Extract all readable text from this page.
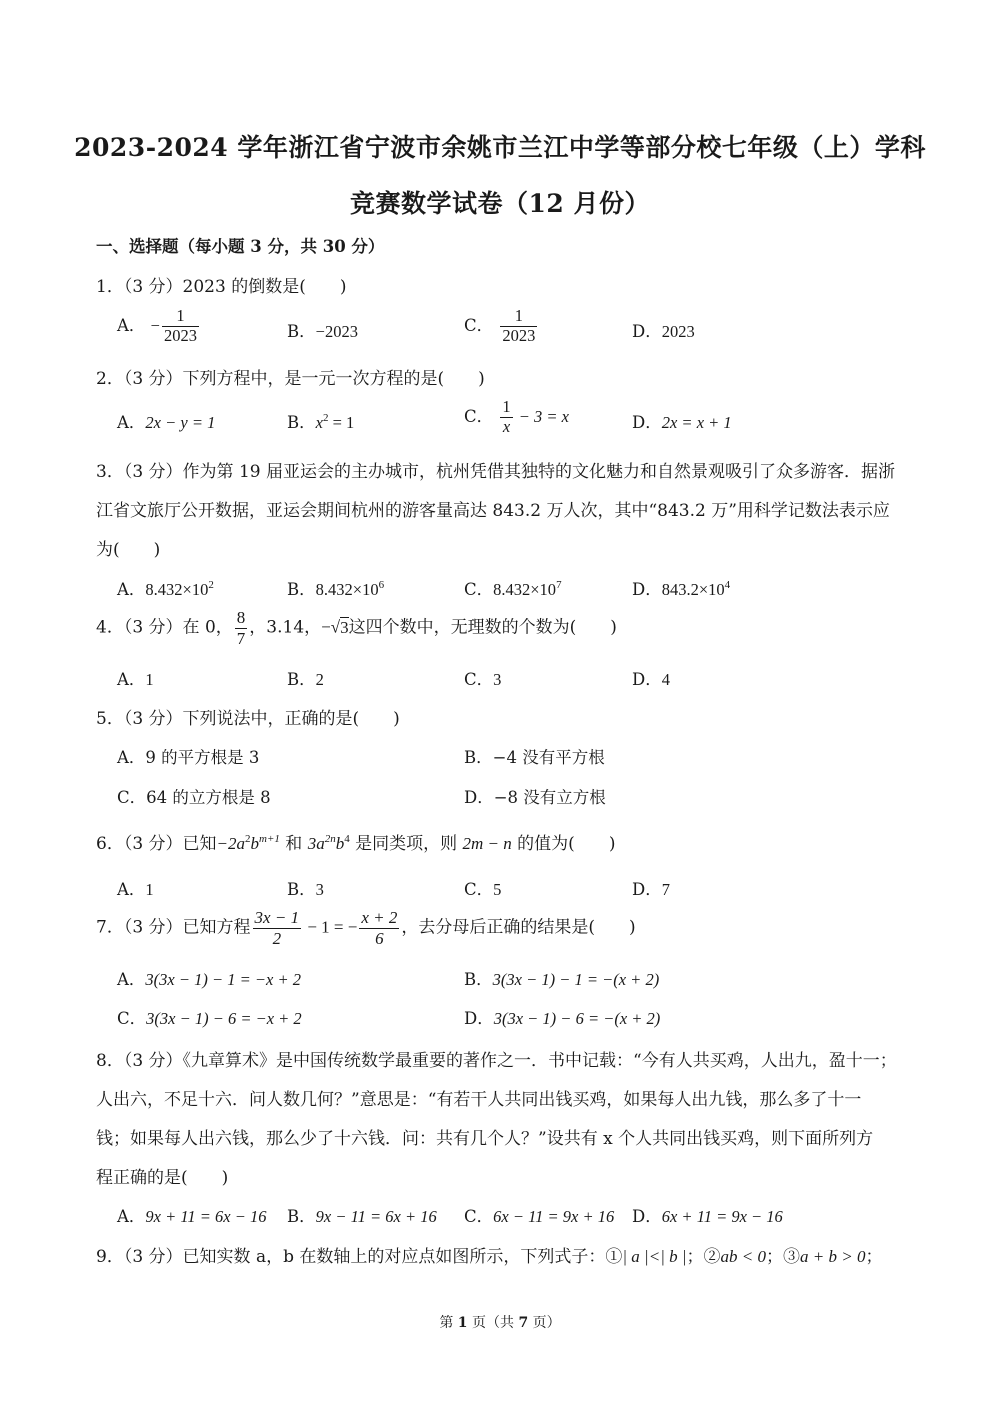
2023-2024 学年浙江省宁波市余姚市兰江中学等部分校七年级（上）学科
竞赛数学试卷（12 月份）
一、选择题（每小题 3 分，共 30 分）
1．（3 分）2023 的倒数是(　　)
A． − $\frac{1}{2023}$	B．−2023	C． $\frac{1}{2023}$	D．2023
2．（3 分）下列方程中，是一元一次方程的是(　　)
A．2x − y = 1	B．$x^2 = 1$	C． $\frac{1}{x} - 3 = x$	D．2x = x + 1
3．（3 分）作为第 19 届亚运会的主办城市，杭州凭借其独特的文化魅力和自然景观吸引了众多游客．据浙
江省文旅厅公开数据，亚运会期间杭州的游客量高达 843.2 万人次，其中“843.2 万”用科学记数法表示应
为(　　)
A．$8.432\times 10^2$	B．$8.432\times 10^6$	C．$8.432\times 10^7$	D．$843.2\times 10^4$
4．（3 分）在 0， $\frac{8}{7}$ ，3.14，−√3这四个数中，无理数的个数为(　　)
A．1	B．2	C．3	D．4
5．（3 分）下列说法中，正确的是(　　)
A．9 的平方根是 3	B．−4 没有平方根
C．64 的立方根是 8	D．−8 没有立方根
6．（3 分）已知$-2a^2b^{m+1}$ 和 $3a^{2n}b^4$ 是同类项，则 2m − n 的值为(　　)
A．1	B．3	C．5	D．7
7．（3 分）已知方程 $\frac{3x - 1}{2} - 1$ = − $\frac{x + 2}{6}$ ，去分母后正确的结果是(　　)
A．3(3x − 1) − 1 = −x + 2	B．3(3x − 1) − 1 = −(x + 2)
C．3(3x − 1) − 6 = −x + 2	D．3(3x − 1) − 6 = −(x + 2)
8．（3 分）《九章算术》是中国传统数学最重要的著作之一．书中记载：“今有人共买鸡，人出九，盈十一；
人出六，不足十六．问人数几何？”意思是：“有若干人共同出钱买鸡，如果每人出九钱，那么多了十一
钱；如果每人出六钱，那么少了十六钱．问：共有几个人？”设共有 x 个人共同出钱买鸡，则下面所列方
程正确的是(　　)
A．9x + 11 = 6x − 16 B．9x − 11 = 6x + 16 C．6x − 11 = 9x + 16 D．6x + 11 = 9x − 16
9．（3 分）已知实数 a，b 在数轴上的对应点如图所示，下列式子：①| a |<| b |；②ab < 0；③a + b > 0；
第 1 页（共 7 页）
